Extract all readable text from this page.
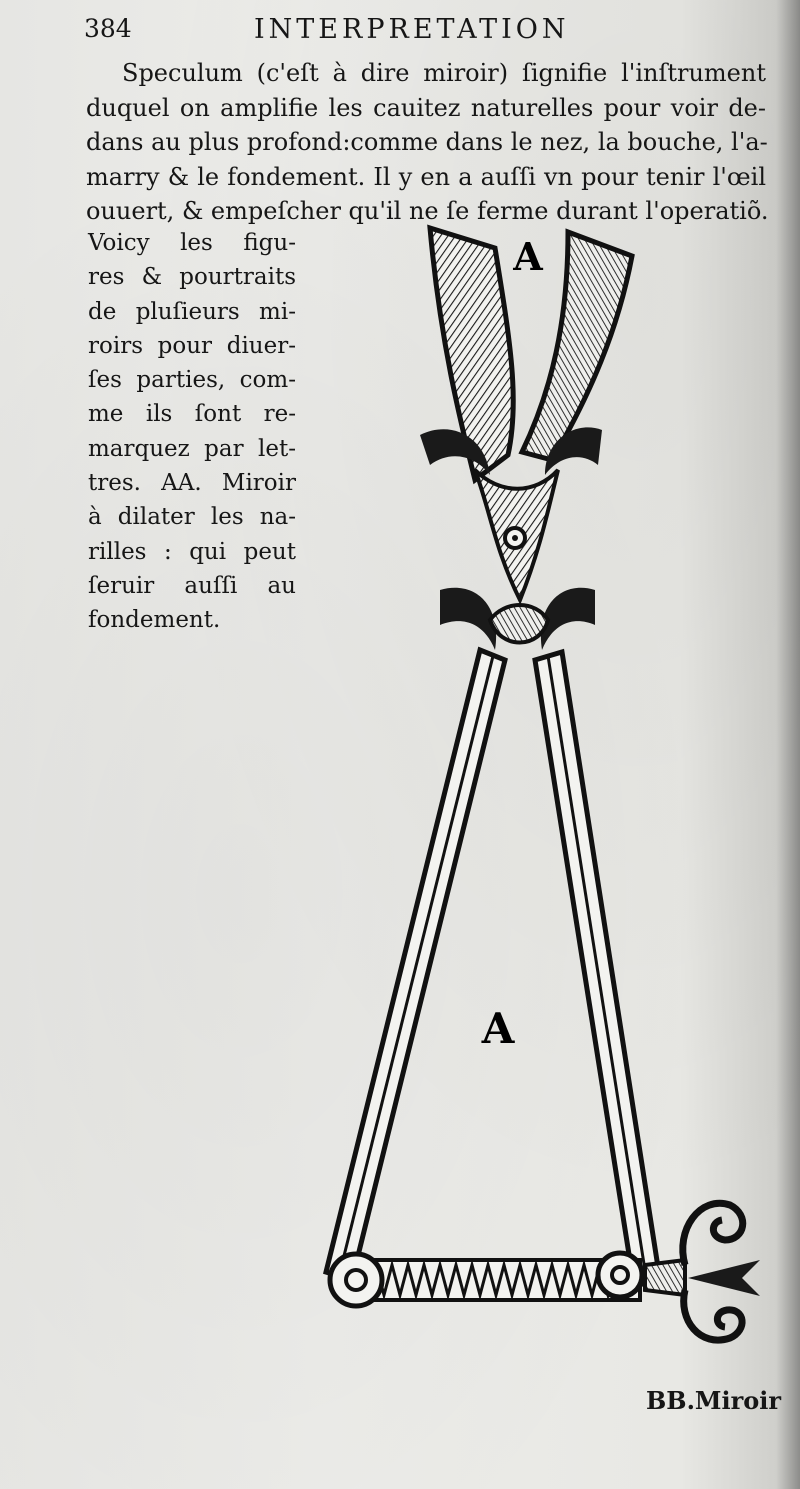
384	INTERPRETATION

Speculum (c'eſt à dire miroir) ſignifie l'inſtrument
duquel on amplifie les cauitez naturelles pour voir de-
dans au plus profond:comme dans le nez, la bouche, l'a-
marry & le fondement. Il y en a auſſi vn pour tenir l'œil
ouuert, & empeſcher qu'il ne ſe ferme durant l'operatiõ.

Voicy les figu-
res & pourtraits
de pluſieurs mi-
roirs pour diuer-
ſes parties, com-
me ils ſont re-
marquez par let-
tres. AA. Miroir
à dilater les na-
rilles : qui peut
ſeruir auſſi au
fondement.

A
A
BB.Miroir
